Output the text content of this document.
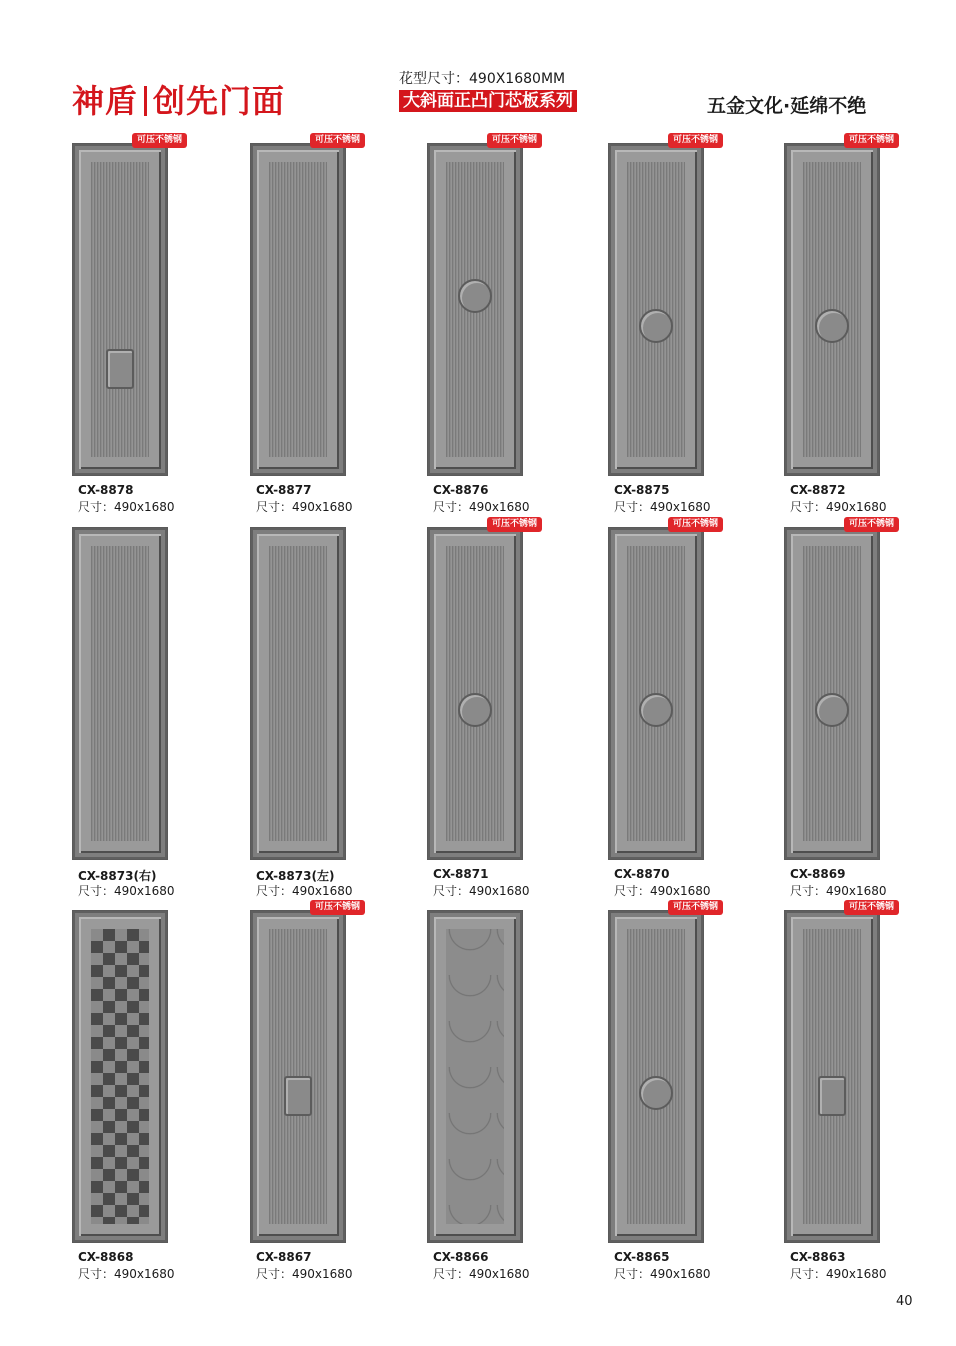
神盾 创先门面
花型尺寸：490X1680MM
大斜面正凸门芯板系列	五金文化·延绵不绝
可压不锈钢
CX-8878
尺寸：490x1680
可压不锈钢
CX-8877
尺寸：490x1680
可压不锈钢
CX-8876
尺寸：490x1680
可压不锈钢
CX-8875
尺寸：490x1680
可压不锈钢
CX-8872
尺寸：490x1680
CX-8873(右)
尺寸：490x1680
CX-8873(左)
尺寸：490x1680
可压不锈钢
CX-8871
尺寸：490x1680
可压不锈钢
CX-8870
尺寸：490x1680
可压不锈钢
CX-8869
尺寸：490x1680
CX-8868
尺寸：490x1680
可压不锈钢
CX-8867
尺寸：490x1680
CX-8866
尺寸：490x1680
可压不锈钢
CX-8865
尺寸：490x1680
可压不锈钢
CX-8863
尺寸：490x1680
40
